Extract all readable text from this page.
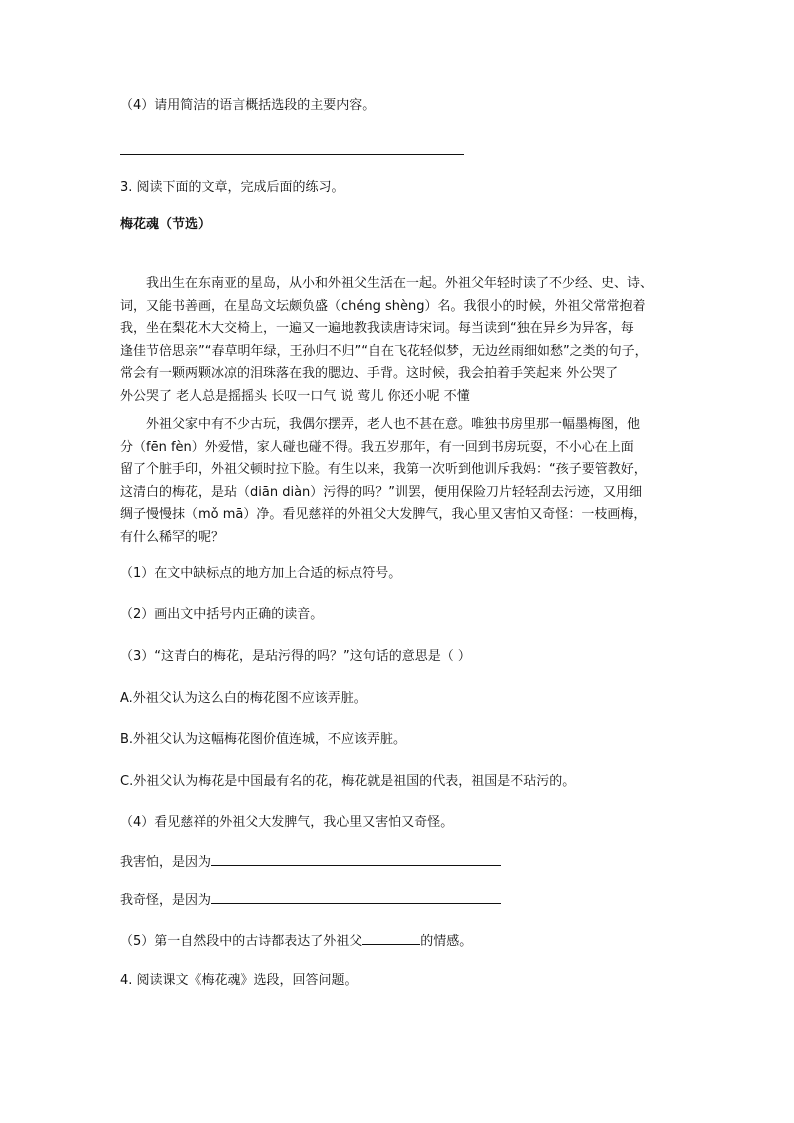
（4）请用简洁的语言概括选段的主要内容。
3. 阅读下面的文章，完成后面的练习。
梅花魂（节选）
我出生在东南亚的星岛，从小和外祖父生活在一起。外祖父年轻时读了不少经、史、诗、
词，又能书善画，在星岛文坛颇负盛（chéng shèng）名。我很小的时候，外祖父常常抱着
我，坐在梨花木大交椅上，一遍又一遍地教我读唐诗宋词。每当读到“独在异乡为异客，每
逢佳节倍思亲”“春草明年绿，王孙归不归”“自在飞花轻似梦，无边丝雨细如愁”之类的句子，
常会有一颗两颗冰凉的泪珠落在我的腮边、手背。这时候，我会拍着手笑起来 外公哭了
外公哭了 老人总是摇摇头 长叹一口气 说 莺儿 你还小呢 不懂
外祖父家中有不少古玩，我偶尔摆弄，老人也不甚在意。唯独书房里那一幅墨梅图，他
分（fēn fèn）外爱惜，家人碰也碰不得。我五岁那年，有一回到书房玩耍，不小心在上面
留了个脏手印，外祖父顿时拉下脸。有生以来，我第一次听到他训斥我妈：“孩子要管教好，
这清白的梅花，是玷（diān diàn）污得的吗？”训罢，便用保险刀片轻轻刮去污迹，又用细
绸子慢慢抹（mǒ mā）净。看见慈祥的外祖父大发脾气，我心里又害怕又奇怪：一枝画梅，
有什么稀罕的呢？
（1）在文中缺标点的地方加上合适的标点符号。
（2）画出文中括号内正确的读音。
（3）“这青白的梅花，是玷污得的吗？”这句话的意思是（ ）
A.外祖父认为这么白的梅花图不应该弄脏。
B.外祖父认为这幅梅花图价值连城，不应该弄脏。
C.外祖父认为梅花是中国最有名的花，梅花就是祖国的代表，祖国是不玷污的。
（4）看见慈祥的外祖父大发脾气，我心里又害怕又奇怪。
我害怕，是因为
我奇怪，是因为
（5）第一自然段中的古诗都表达了外祖父	的情感。
4. 阅读课文《梅花魂》选段，回答问题。
